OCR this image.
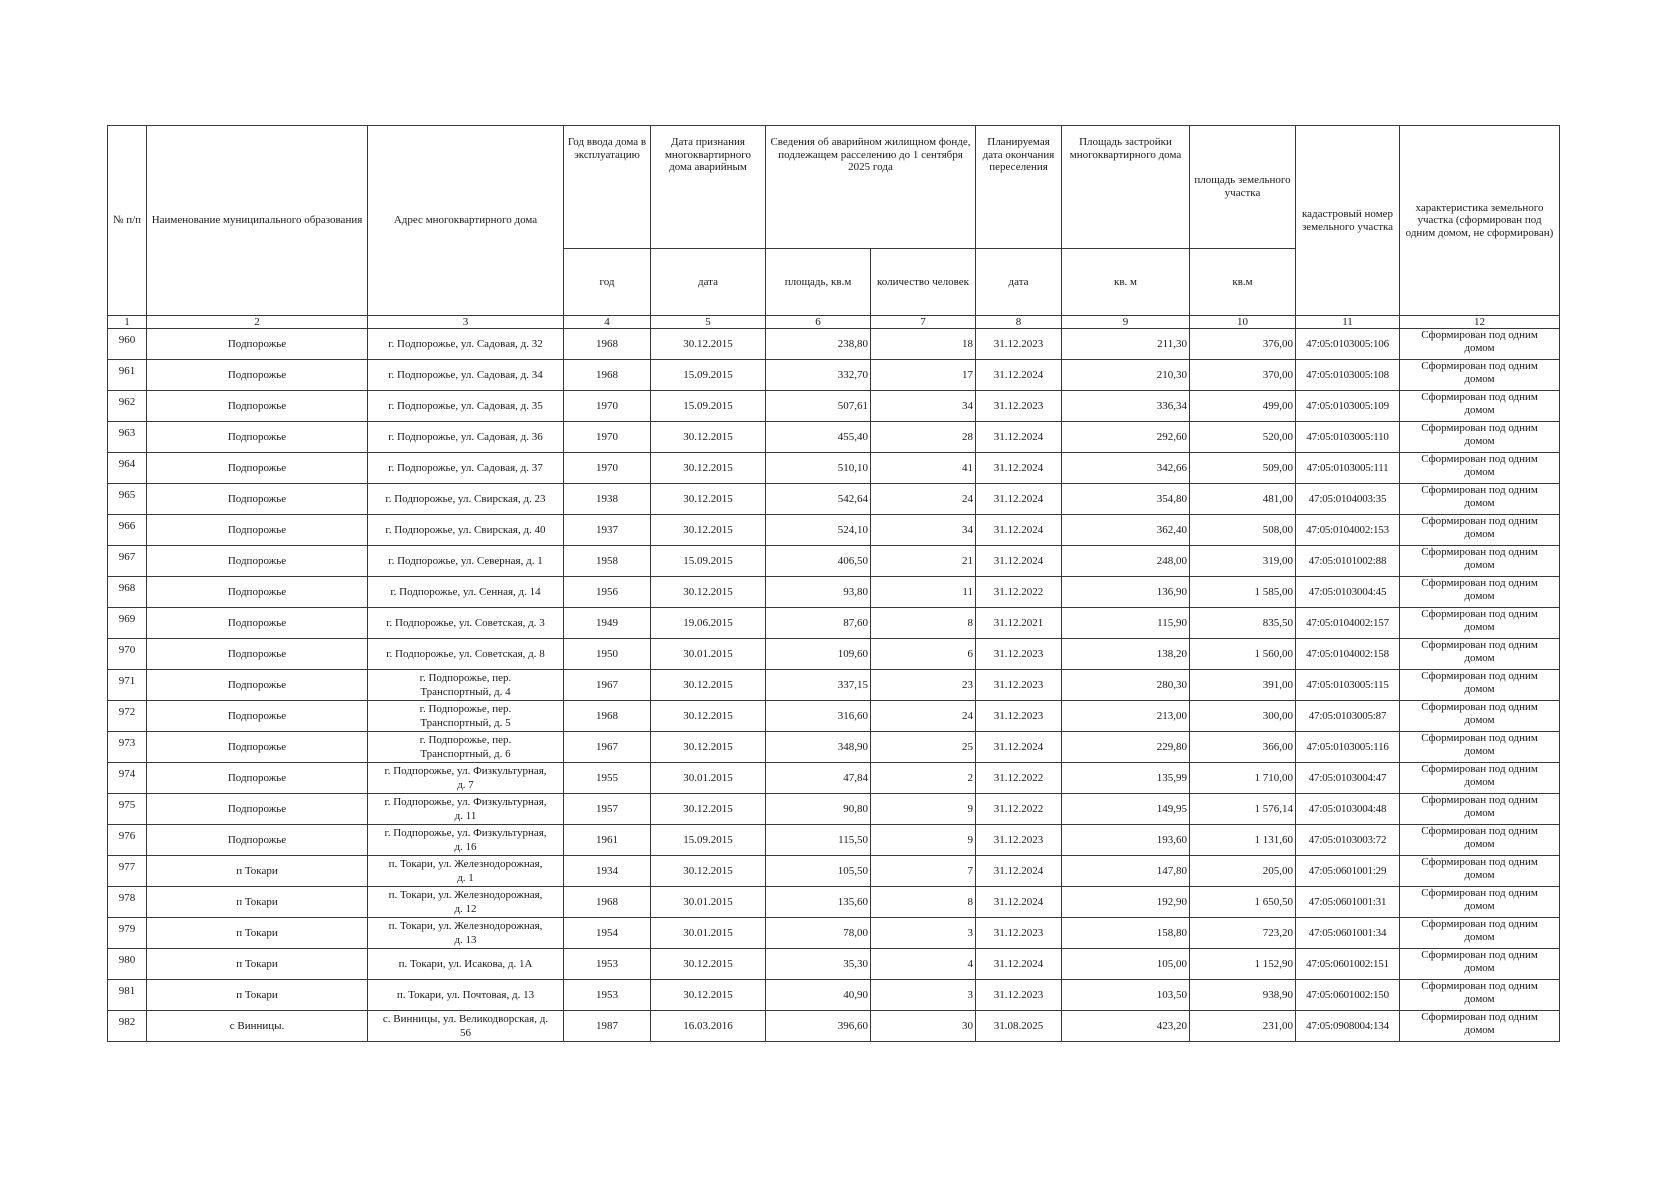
№ п/п	Наименование муниципального образования	Адрес многоквартирного дома	Год ввода дома в эксплуатацию	Дата признания многоквартирного дома аварийным	Сведения об аварийном жилищном фонде, подлежащем расселению до 1 сентября 2025 года		Планируемая дата окончания переселения	Площадь застройки многоквартирного дома	площадь земельного участка	кадастровый номер земельного участка	характеристика земельного участка (сформирован под одним домом, не сформирован)
			год	дата	площадь, кв.м	количество человек	дата	кв. м	кв.м		
1	2	3	4	5	6	7	8	9	10	11	12
960	Подпорожье	г. Подпорожье, ул. Садовая, д. 32	1968	30.12.2015	238,80	18	31.12.2023	211,30	376,00	47:05:0103005:106	Сформирован под одним
домом

961	Подпорожье	г. Подпорожье, ул. Садовая, д. 34	1968	15.09.2015	332,70	17	31.12.2024	210,30	370,00	47:05:0103005:108	Сформирован под одним
домом

962	Подпорожье	г. Подпорожье, ул. Садовая, д. 35	1970	15.09.2015	507,61	34	31.12.2023	336,34	499,00	47:05:0103005:109	Сформирован под одним
домом

963	Подпорожье	г. Подпорожье, ул. Садовая, д. 36	1970	30.12.2015	455,40	28	31.12.2024	292,60	520,00	47:05:0103005:110	Сформирован под одним
домом

964	Подпорожье	г. Подпорожье, ул. Садовая, д. 37	1970	30.12.2015	510,10	41	31.12.2024	342,66	509,00	47:05:0103005:111	Сформирован под одним
домом

965	Подпорожье	г. Подпорожье, ул. Свирская, д. 23	1938	30.12.2015	542,64	24	31.12.2024	354,80	481,00	47:05:0104003:35	Сформирован под одним
домом

966	Подпорожье	г. Подпорожье, ул. Свирская, д. 40	1937	30.12.2015	524,10	34	31.12.2024	362,40	508,00	47:05:0104002:153	Сформирован под одним
домом

967	Подпорожье	г. Подпорожье, ул. Северная, д. 1	1958	15.09.2015	406,50	21	31.12.2024	248,00	319,00	47:05:0101002:88	Сформирован под одним
домом

968	Подпорожье	г. Подпорожье, ул. Сенная, д. 14	1956	30.12.2015	93,80	11	31.12.2022	136,90	1 585,00	47:05:0103004:45	Сформирован под одним
домом

969	Подпорожье	г. Подпорожье, ул. Советская, д. 3	1949	19.06.2015	87,60	8	31.12.2021	115,90	835,50	47:05:0104002:157	Сформирован под одним
домом

970	Подпорожье	г. Подпорожье, ул. Советская, д. 8	1950	30.01.2015	109,60	6	31.12.2023	138,20	1 560,00	47:05:0104002:158	Сформирован под одним
домом

971	Подпорожье	г. Подпорожье, пер.
Транспортный, д. 4	1967	30.12.2015	337,15	23	31.12.2023	280,30	391,00	47:05:0103005:115	Сформирован под одним
домом

972	Подпорожье	г. Подпорожье, пер.
Транспортный, д. 5	1968	30.12.2015	316,60	24	31.12.2023	213,00	300,00	47:05:0103005:87	Сформирован под одним
домом

973	Подпорожье	г. Подпорожье, пер.
Транспортный, д. 6	1967	30.12.2015	348,90	25	31.12.2024	229,80	366,00	47:05:0103005:116	Сформирован под одним
домом

974	Подпорожье	г. Подпорожье, ул. Физкультурная,
д. 7	1955	30.01.2015	47,84	2	31.12.2022	135,99	1 710,00	47:05:0103004:47	Сформирован под одним
домом

975	Подпорожье	г. Подпорожье, ул. Физкультурная,
д. 11	1957	30.12.2015	90,80	9	31.12.2022	149,95	1 576,14	47:05:0103004:48	Сформирован под одним
домом

976	Подпорожье	г. Подпорожье, ул. Физкультурная,
д. 16	1961	15.09.2015	115,50	9	31.12.2023	193,60	1 131,60	47:05:0103003:72	Сформирован под одним
домом

977	п Токари	п. Токари, ул. Железнодорожная,
д. 1	1934	30.12.2015	105,50	7	31.12.2024	147,80	205,00	47:05:0601001:29	Сформирован под одним
домом

978	п Токари	п. Токари, ул. Железнодорожная,
д. 12	1968	30.01.2015	135,60	8	31.12.2024	192,90	1 650,50	47:05:0601001:31	Сформирован под одним
домом

979	п Токари	п. Токари, ул. Железнодорожная,
д. 13	1954	30.01.2015	78,00	3	31.12.2023	158,80	723,20	47:05:0601001:34	Сформирован под одним
домом

980	п Токари	п. Токари, ул. Исакова, д. 1А	1953	30.12.2015	35,30	4	31.12.2024	105,00	1 152,90	47:05:0601002:151	Сформирован под одним
домом

981	п Токари	п. Токари, ул. Почтовая, д. 13	1953	30.12.2015	40,90	3	31.12.2023	103,50	938,90	47:05:0601002:150	Сформирован под одним
домом

982	с Винницы.	с. Винницы, ул. Великодворская, д.
56	1987	16.03.2016	396,60	30	31.08.2025	423,20	231,00	47:05:0908004:134	Сформирован под одним
домом
